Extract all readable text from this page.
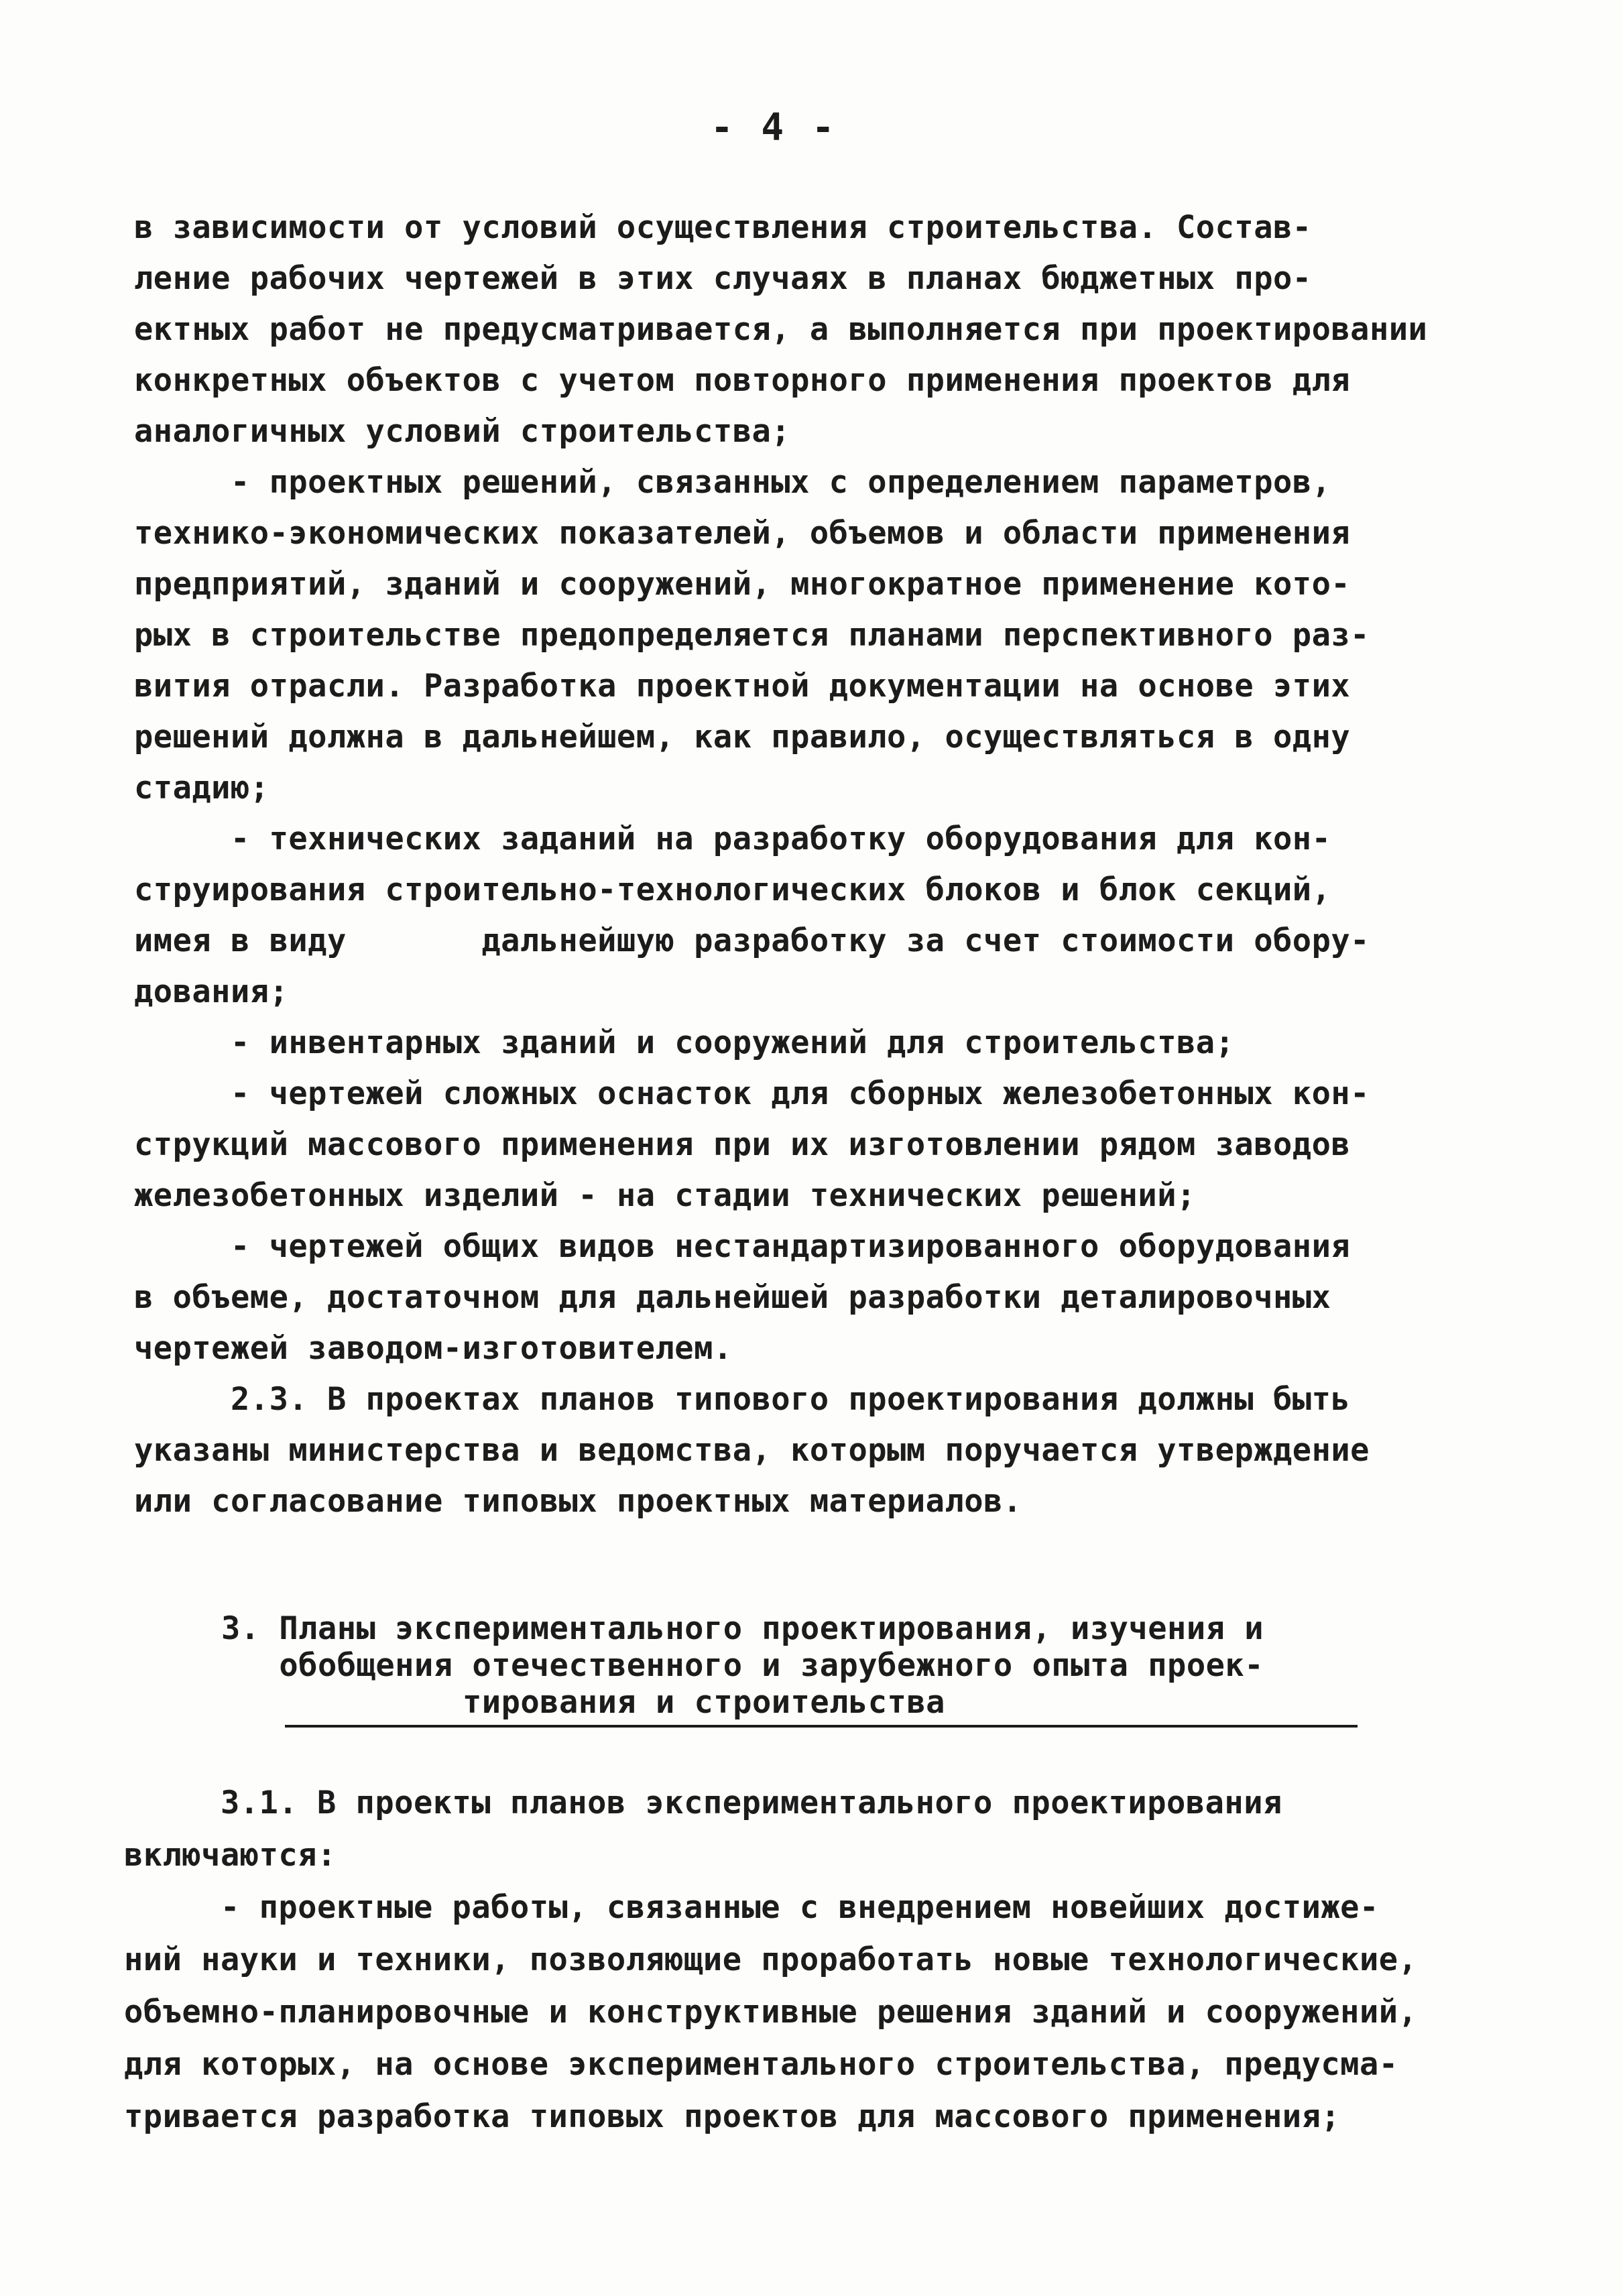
- 4 -
в зависимости от условий осуществления строительства. Состав-
ление рабочих чертежей в этих случаях в планах бюджетных про-
ектных работ не предусматривается, а выполняется при проектировании
конкретных объектов с учетом повторного применения проектов для
аналогичных условий строительства;
- проектных решений, связанных с определением параметров,
технико-экономических показателей, объемов и области применения
предприятий, зданий и сооружений, многократное применение кото-
рых в строительстве предопределяется планами перспективного раз-
вития отрасли. Разработка проектной документации на основе этих
решений должна в дальнейшем, как правило, осуществляться в одну
стадию;
- технических заданий на разработку оборудования для кон-
струирования строительно-технологических блоков и блок секций,
имея в виду       дальнейшую разработку за счет стоимости обору-
дования;
- инвентарных зданий и сооружений для строительства;
- чертежей сложных оснасток для сборных железобетонных кон-
струкций массового применения при их изготовлении рядом заводов
железобетонных изделий - на стадии технических решений;
- чертежей общих видов нестандартизированного оборудования
в объеме, достаточном для дальнейшей разработки деталировочных
чертежей заводом-изготовителем.
2.3. В проектах планов типового проектирования должны быть
указаны министерства и ведомства, которым поручается утверждение
или согласование типовых проектных материалов.
3. Планы экспериментального проектирования, изучения и
обобщения отечественного и зарубежного опыта проек-
тирования и строительства
3.1. В проекты планов экспериментального проектирования
включаются:
- проектные работы, связанные с внедрением новейших достиже-
ний науки и техники, позволяющие проработать новые технологические,
объемно-планировочные и конструктивные решения зданий и сооружений,
для которых, на основе экспериментального строительства, предусма-
тривается разработка типовых проектов для массового применения;
